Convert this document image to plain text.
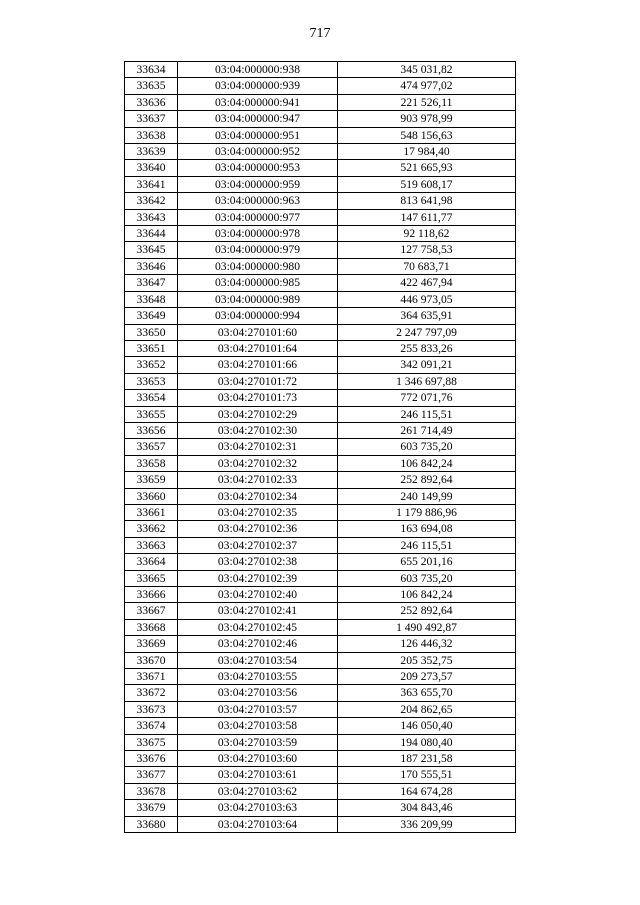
717
33634	03:04:000000:938	345 031,82
33635	03:04:000000:939	474 977,02
33636	03:04:000000:941	221 526,11
33637	03:04:000000:947	903 978,99
33638	03:04:000000:951	548 156,63
33639	03:04:000000:952	17 984,40
33640	03:04:000000:953	521 665,93
33641	03:04:000000:959	519 608,17
33642	03:04:000000:963	813 641,98
33643	03:04:000000:977	147 611,77
33644	03:04:000000:978	92 118,62
33645	03:04:000000:979	127 758,53
33646	03:04:000000:980	70 683,71
33647	03:04:000000:985	422 467,94
33648	03:04:000000:989	446 973,05
33649	03:04:000000:994	364 635,91
33650	03:04:270101:60	2 247 797,09
33651	03:04:270101:64	255 833,26
33652	03:04:270101:66	342 091,21
33653	03:04:270101:72	1 346 697,88
33654	03:04:270101:73	772 071,76
33655	03:04:270102:29	246 115,51
33656	03:04:270102:30	261 714,49
33657	03:04:270102:31	603 735,20
33658	03:04:270102:32	106 842,24
33659	03:04:270102:33	252 892,64
33660	03:04:270102:34	240 149,99
33661	03:04:270102:35	1 179 886,96
33662	03:04:270102:36	163 694,08
33663	03:04:270102:37	246 115,51
33664	03:04:270102:38	655 201,16
33665	03:04:270102:39	603 735,20
33666	03:04:270102:40	106 842,24
33667	03:04:270102:41	252 892,64
33668	03:04:270102:45	1 490 492,87
33669	03:04:270102:46	126 446,32
33670	03:04:270103:54	205 352,75
33671	03:04:270103:55	209 273,57
33672	03:04:270103:56	363 655,70
33673	03:04:270103:57	204 862,65
33674	03:04:270103:58	146 050,40
33675	03:04:270103:59	194 080,40
33676	03:04:270103:60	187 231,58
33677	03:04:270103:61	170 555,51
33678	03:04:270103:62	164 674,28
33679	03:04:270103:63	304 843,46
33680	03:04:270103:64	336 209,99
